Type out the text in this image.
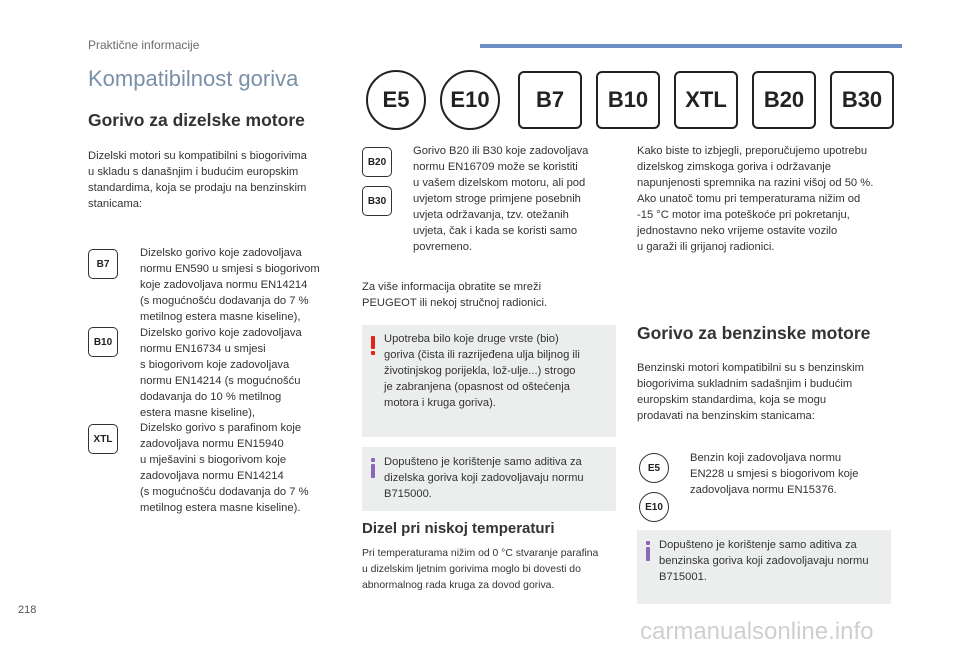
Praktične informacije
Kompatibilnost goriva
E5	E10	B7	B10	XTL	B20	B30
Gorivo za dizelske motore
Dizelski motori su kompatibilni s biogorivima
u skladu s današnjim i budućim europskim
standardima, koja se prodaju na benzinskim
stanicama:
B7
Dizelsko gorivo koje zadovoljava
normu EN590 u smjesi s biogorivom
koje zadovoljava normu EN14214
(s mogućnošću dodavanja do 7 %
metilnog estera masne kiseline),
B10
Dizelsko gorivo koje zadovoljava
normu EN16734 u smjesi
s biogorivom koje zadovoljava
normu EN14214 (s mogućnošću
dodavanja do 10 % metilnog
estera masne kiseline),
XTL
Dizelsko gorivo s parafinom koje
zadovoljava normu EN15940
u mješavini s biogorivom koje
zadovoljava normu EN14214
(s mogućnošću dodavanja do 7 %
metilnog estera masne kiseline).
B20
B30
Gorivo B20 ili B30 koje zadovoljava
normu EN16709 može se koristiti
u vašem dizelskom motoru, ali pod
uvjetom stroge primjene posebnih
uvjeta održavanja, tzv. otežanih
uvjeta, čak i kada se koristi samo
povremeno.
Za više informacija obratite se mreži
PEUGEOT ili nekoj stručnoj radionici.
Upotreba bilo koje druge vrste (bio)
goriva (čista ili razrijeđena ulja biljnog ili
životinjskog porijekla, lož-ulje...) strogo
je zabranjena (opasnost od oštećenja
motora i kruga goriva).
Dopušteno je korištenje samo aditiva za
dizelska goriva koji zadovoljavaju normu
B715000.
Dizel pri niskoj temperaturi
Pri temperaturama nižim od 0 °C stvaranje parafina
u dizelskim ljetnim gorivima moglo bi dovesti do
abnormalnog rada kruga za dovod goriva.
Kako biste to izbjegli, preporučujemo upotrebu
dizelskog zimskoga goriva i održavanje
napunjenosti spremnika na razini višoj od 50 %.
Ako unatoč tomu pri temperaturama nižim od
-15 °C motor ima poteškoće pri pokretanju,
jednostavno neko vrijeme ostavite vozilo
u garaži ili grijanoj radionici.
Gorivo za benzinske motore
Benzinski motori kompatibilni su s benzinskim
biogorivima sukladnim sadašnjim i budućim
europskim standardima, koja se mogu
prodavati na benzinskim stanicama:
E5
E10
Benzin koji zadovoljava normu
EN228 u smjesi s biogorivom koje
zadovoljava normu EN15376.
Dopušteno je korištenje samo aditiva za
benzinska goriva koji zadovoljavaju normu
B715001.
218
carmanualsonline.info
